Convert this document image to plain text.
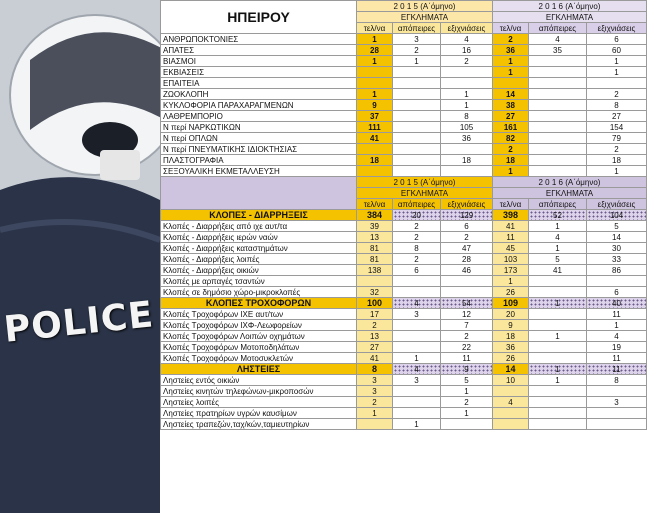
POLICE
ΗΠΕΙΡΟΥ	2 0 1 5 (Α΄όμηνο)			2 0 1 6 (Α΄όμηνο)		
	ΕΓΚΛΗΜΑΤΑ			ΕΓΚΛΗΜΑΤΑ		
	τελ/να	απόπειρες	εξιχνιάσεις	τελ/να	απόπειρες	εξιχνιάσεις
ΑΝΘΡΩΠΟΚΤΟΝΙΕΣ	1	3	4	2	4	6
ΑΠΑΤΕΣ	28	2	16	36	35	60
ΒΙΑΣΜΟΙ	1	1	2	1		1
ΕΚΒΙΑΣΕΙΣ				1		1
ΕΠΑΙΤΕΙΑ						
ΖΩΟΚΛΟΠΗ	1		1	14		2
ΚΥΚΛΟΦΟΡΙΑ ΠΑΡΑΧΑΡΑΓΜΕΝΩΝ	9		1	38		8
ΛΑΘΡΕΜΠΟΡΙΟ	37		8	27		27
Ν περί ΝΑΡΚΩΤΙΚΩΝ	111		105	161		154
Ν περί ΟΠΛΩΝ	41		36	82		79
Ν περί ΠΝΕΥΜΑΤΙΚΗΣ ΙΔΙΟΚΤΗΣΙΑΣ				2		2
ΠΛΑΣΤΟΓΡΑΦΙΑ	18		18	18		18
ΣΕΞΟΥΑΛΙΚΗ ΕΚΜΕΤΑΛΛΕΥΣΗ				1		1
	2 0 1 5 (Α΄όμηνο)			2 0 1 6 (Α΄όμηνο)		
	ΕΓΚΛΗΜΑΤΑ			ΕΓΚΛΗΜΑΤΑ		
	τελ/να	απόπειρες	εξιχνιάσεις	τελ/να	απόπειρες	εξιχνιάσεις
ΚΛΟΠΕΣ - ΔΙΑΡΡΗΞΕΙΣ	384	20	129	398	52	104
Κλοπές - Διαρρήξεις από ιχε αυτ/τα	39	2	6	41	1	5
Κλοπές - Διαρρήξεις ιερών ναών	13	2	2	11	4	14
Κλοπές - Διαρρήξεις καταστημάτων	81	8	47	45	1	30
Κλοπές - Διαρρήξεις λοιπές	81	2	28	103	5	33
Κλοπές - Διαρρήξεις οικιών	138	6	46	173	41	86
Κλοπές με αρπαγές τσαντών				1		
Κλοπές σε δημόσιο χώρο-μικροκλοπές	32			26		6
ΚΛΟΠΕΣ ΤΡΟΧΟΦΟΡΩΝ	100	4	54	109	1	40
Κλοπές Τροχοφόρων ΙΧΕ αυτ/των	17	3	12	20		11
Κλοπές Τροχοφόρων ΙΧΦ-Λεωφορείων	2		7	9		1
Κλοπές Τροχοφόρων Λοιπών οχημάτων	13		2	18	1	4
Κλοπές Τροχοφόρων Μοτοποδηλάτων	27		22	36		19
Κλοπές Τροχοφόρων Μοτοσυκλετών	41	1	11	26		11
ΛΗΣΤΕΙΕΣ	8	4	9	14	1	11
Ληστείες εντός οικιών	3	3	5	10	1	8
Ληστείες κινητών τηλεφώνων-μικροποσών	3		1			
Ληστείες λοιπές	2		2	4		3
Ληστείες πρατηρίων υγρών καυσίμων	1		1			
Ληστείες τραπεζών,ταχ/κών,ταμιευτηρίων		1				
